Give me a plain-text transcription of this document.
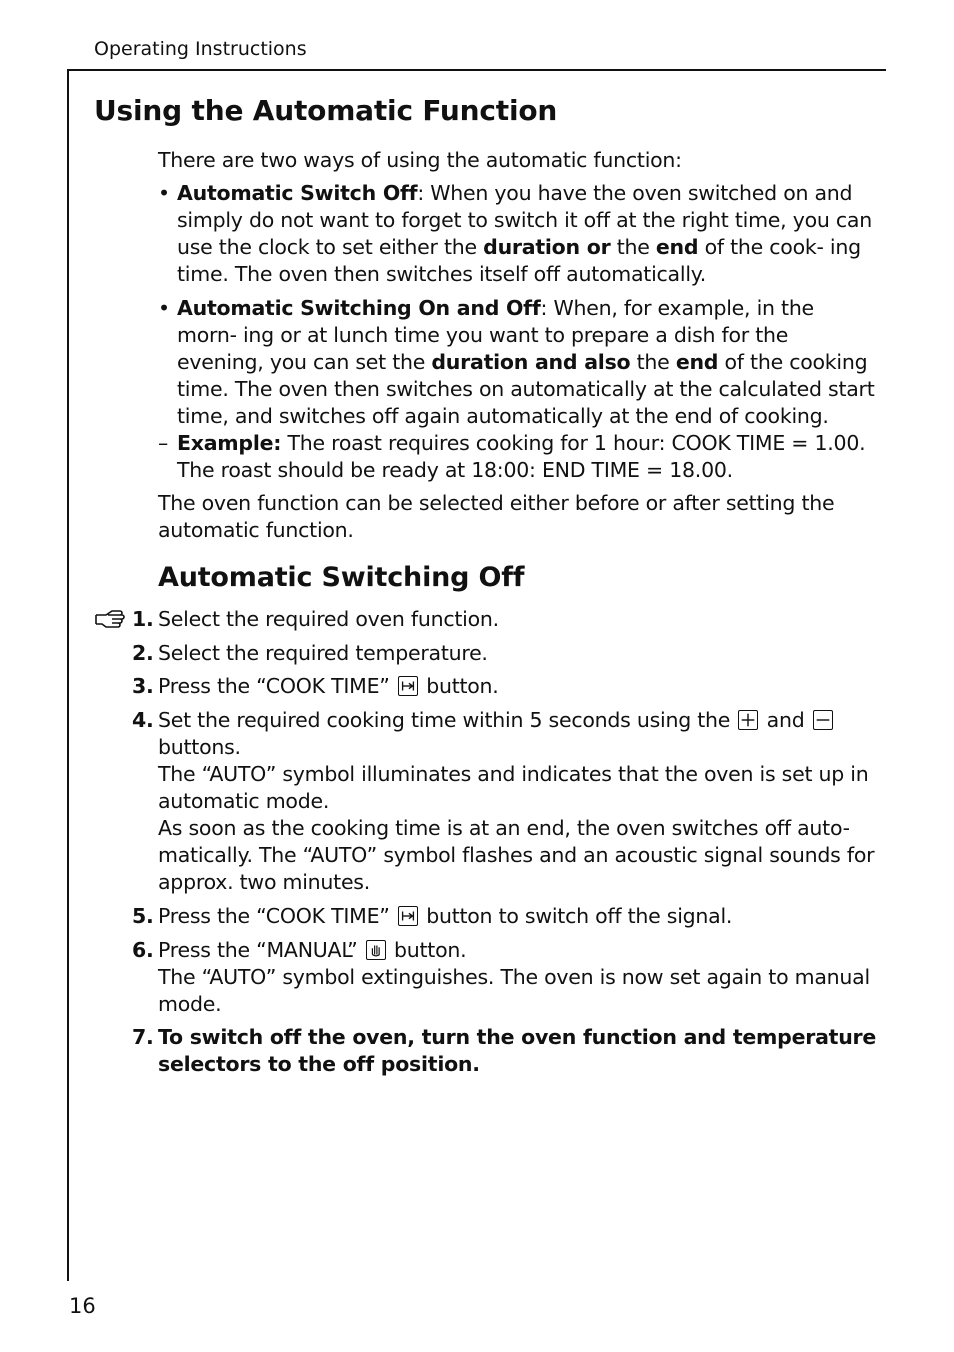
Operating Instructions
Using the Automatic Function
There are two ways of using the automatic function:
• Automatic Switch Off: When you have the oven switched on and simply do not want to forget to switch it off at the right time, you can use the clock to set either the duration or the end of the cook- ing time. The oven then switches itself off automatically.
• Automatic Switching On and Off: When, for example, in the morn- ing or at lunch time you want to prepare a dish for the evening, you can set the duration and also the end of the cooking time. The oven then switches on automatically at the calculated start time, and switches off again automatically at the end of cooking.
– Example: The roast requires cooking for 1 hour: COOK TIME = 1.00. The roast should be ready at 18:00: END TIME = 18.00.
The oven function can be selected either before or after setting the automatic function.
Automatic Switching Off
1. Select the required oven function.
2. Select the required temperature.
3. Press the “COOK TIME”
button.
4. Set the required cooking time within 5 seconds using the
and
buttons.
The “AUTO” symbol illuminates and indicates that the oven is set up in automatic mode.
As soon as the cooking time is at an end, the oven switches off auto- matically. The “AUTO” symbol flashes and an acoustic signal sounds for approx. two minutes.
5. Press the “COOK TIME”
button to switch off the signal.
6. Press the “MANUAL”
button.
The “AUTO” symbol extinguishes. The oven is now set again to manual mode.
7. To switch off the oven, turn the oven function and temperature selectors to the off position.
16
